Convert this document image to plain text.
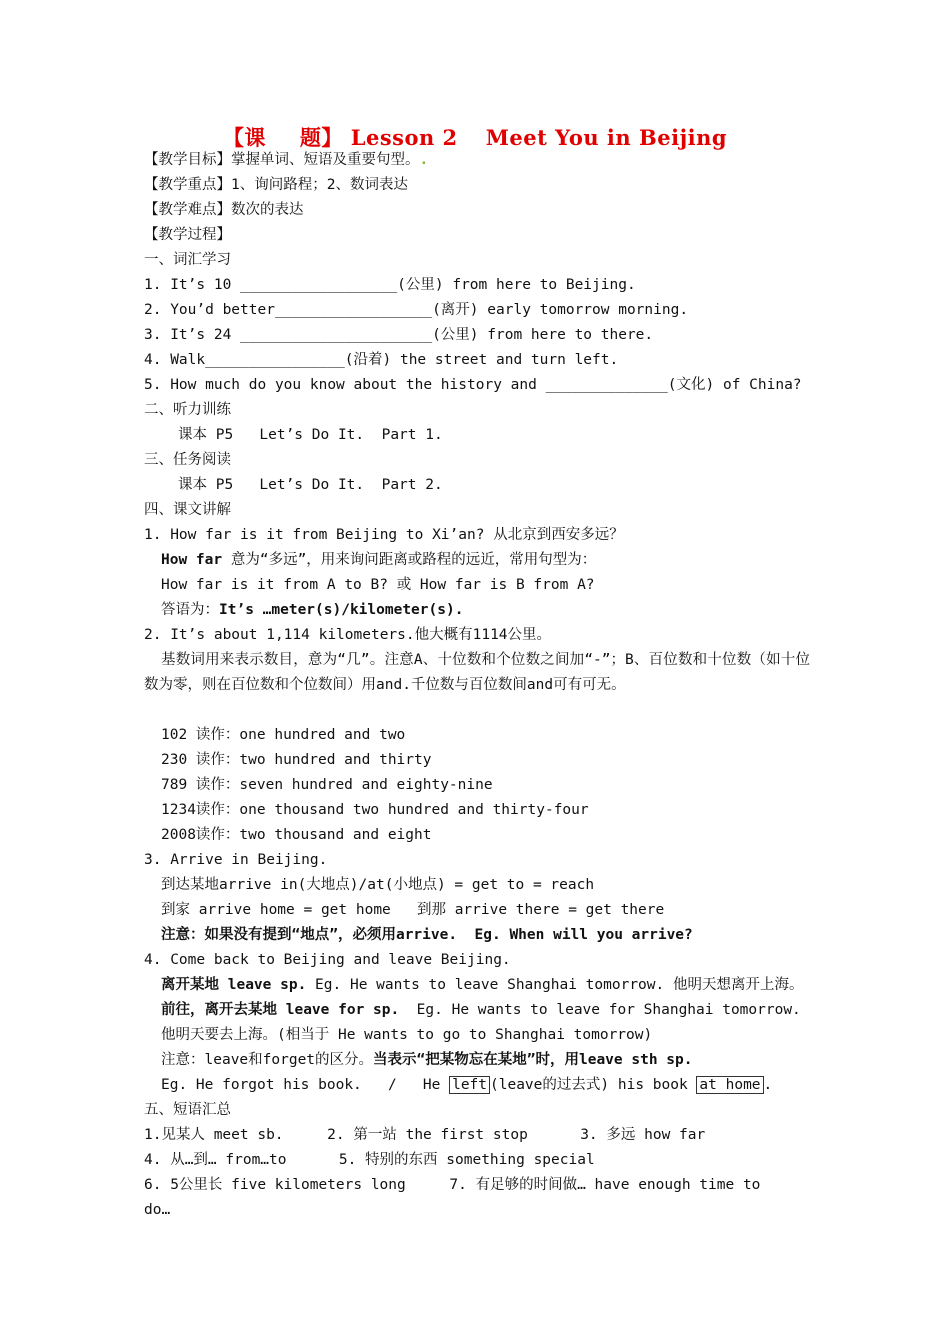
【课 题】 Lesson 2 Meet You in Beijing
【教学目标】掌握单词、短语及重要句型。.
【教学重点】1、询问路程；2、数词表达
【教学难点】数次的表达
【教学过程】
一、词汇学习
1. It’s 10 __________________(公里) from here to Beijing.
2. You’d better__________________(离开) early tomorrow morning.
3. It’s 24 ______________________(公里) from here to there.
4. Walk________________(沿着) the street and turn left.
5. How much do you know about the history and ______________(文化) of China?
二、听力训练
课本 P5   Let’s Do It.  Part 1.
三、任务阅读
课本 P5   Let’s Do It.  Part 2.
四、课文讲解
1. How far is it from Beijing to Xi’an? 从北京到西安多远？
How far 意为“多远”，用来询问距离或路程的远近，常用句型为：
How far is it from A to B? 或 How far is B from A?
答语为：It’s …meter(s)/kilometer(s).
2. It’s about 1,114 kilometers.他大概有1114公里。
基数词用来表示数目，意为“几”。注意A、十位数和个位数之间加“-”；B、百位数和十位数（如十位数为零，则在百位数和个位数间）用and.千位数与百位数间and可有可无。
102 读作：one hundred and two
230 读作：two hundred and thirty
789 读作：seven hundred and eighty-nine
1234读作：one thousand two hundred and thirty-four
2008读作：two thousand and eight
3. Arrive in Beijing.
到达某地arrive in(大地点)/at(小地点) = get to = reach
到家 arrive home = get home   到那 arrive there = get there
注意：如果没有提到“地点”，必须用arrive.  Eg. When will you arrive?
4. Come back to Beijing and leave Beijing.
离开某地 leave sp. Eg. He wants to leave Shanghai tomorrow. 他明天想离开上海。
前往，离开去某地 leave for sp.  Eg. He wants to leave for Shanghai tomorrow.
他明天要去上海。(相当于 He wants to go to Shanghai tomorrow)
注意：leave和forget的区分。当表示“把某物忘在某地”时，用leave sth sp.
Eg. He forgot his book.   /   He left (leave的过去式) his book at home .
五、短语汇总
1.见某人 meet sb.     2. 第一站 the first stop      3. 多远 how far
4. 从…到… from…to      5. 特别的东西 something special
6. 5公里长 five kilometers long     7. 有足够的时间做… have enough time to
do…
